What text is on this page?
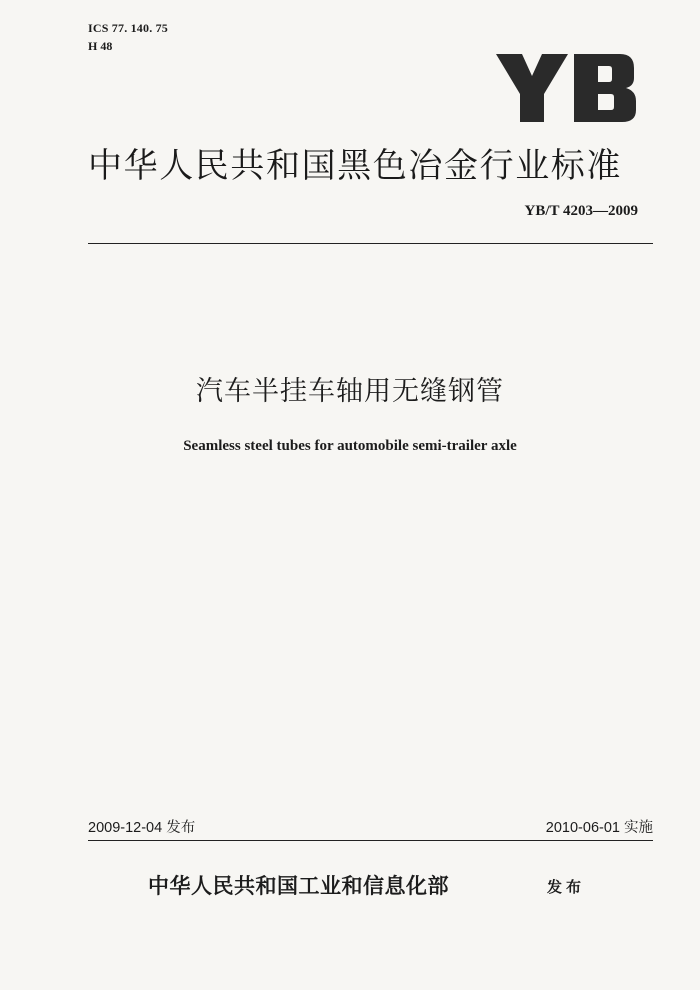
ICS 77. 140. 75
H 48
中华人民共和国黑色冶金行业标准
YB/T 4203—2009
汽车半挂车轴用无缝钢管
Seamless steel tubes for automobile semi-trailer axle
2009-12-04 发布	2010-06-01 实施
中华人民共和国工业和信息化部	发布
